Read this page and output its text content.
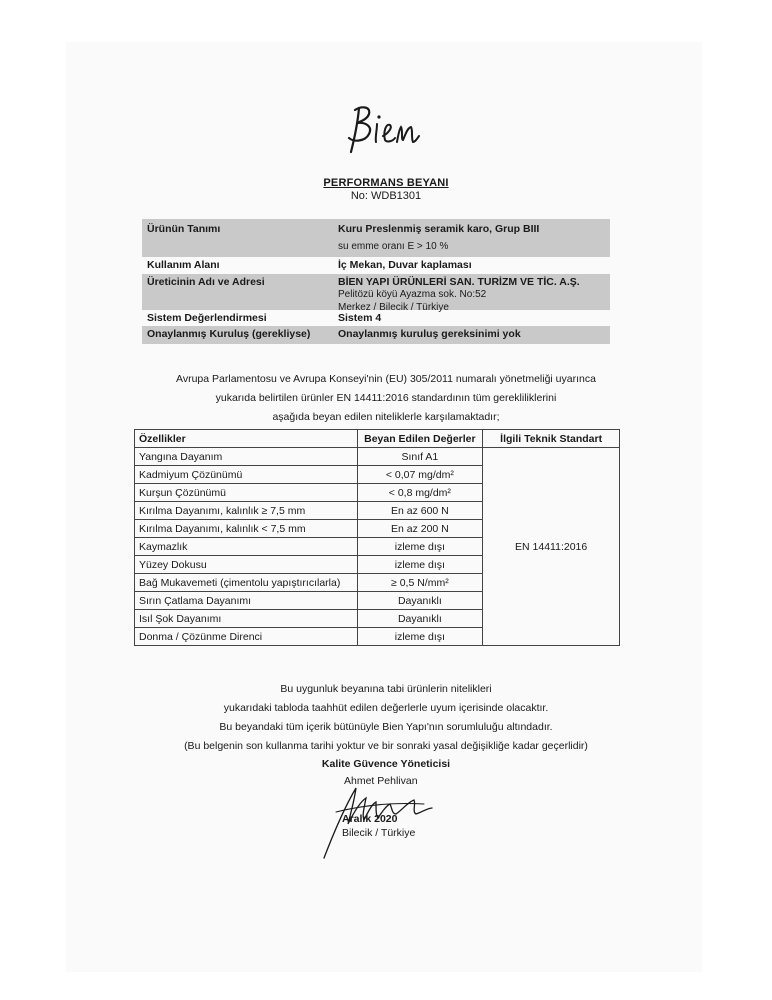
PERFORMANS BEYANI
No: WDB1301
Ürünün Tanımı	Kuru Preslenmiş seramik karo, Grup BIII
su emme oranı E > 10 %
Kullanım Alanı	İç Mekan, Duvar kaplaması
Üreticinin Adı ve Adresi	BİEN YAPI ÜRÜNLERİ SAN. TURİZM VE TİC. A.Ş.
Pelitözü köyü Ayazma sok. No:52
Merkez / Bilecik / Türkiye
Sistem Değerlendirmesi	Sistem 4
Onaylanmış Kuruluş (gerekliyse)	Onaylanmış kuruluş gereksinimi yok
Avrupa Parlamentosu ve Avrupa Konseyi'nin (EU) 305/2011 numaralı yönetmeliği uyarınca
yukarıda belirtilen ürünler EN 14411:2016 standardının tüm gerekliliklerini
aşağıda beyan edilen niteliklerle karşılamaktadır;
Özellikler	Beyan Edilen Değerler	İlgili Teknik Standart
Yangına Dayanım	Sınıf A1	EN 14411:2016
Kadmiyum Çözünümü	< 0,07 mg/dm²	
Kurşun Çözünümü	< 0,8 mg/dm²	
Kırılma Dayanımı, kalınlık ≥ 7,5 mm	En az 600 N	
Kırılma Dayanımı, kalınlık < 7,5 mm	En az 200 N	
Kaymazlık	izleme dışı	
Yüzey Dokusu	izleme dışı	
Bağ Mukavemeti (çimentolu yapıştırıcılarla)	≥ 0,5 N/mm²	
Sırın Çatlama Dayanımı	Dayanıklı	
Isıl Şok Dayanımı	Dayanıklı	
Donma / Çözünme Direnci	izleme dışı	
Bu uygunluk beyanına tabi ürünlerin nitelikleri
yukarıdaki tabloda taahhüt edilen değerlerle uyum içerisinde olacaktır.
Bu beyandaki tüm içerik bütünüyle Bien Yapı'nın sorumluluğu altındadır.
(Bu belgenin son kullanma tarihi yoktur ve bir sonraki yasal değişikliğe kadar geçerlidir)
Kalite Güvence Yöneticisi
Ahmet Pehlivan
Aralık 2020
Bilecik / Türkiye
